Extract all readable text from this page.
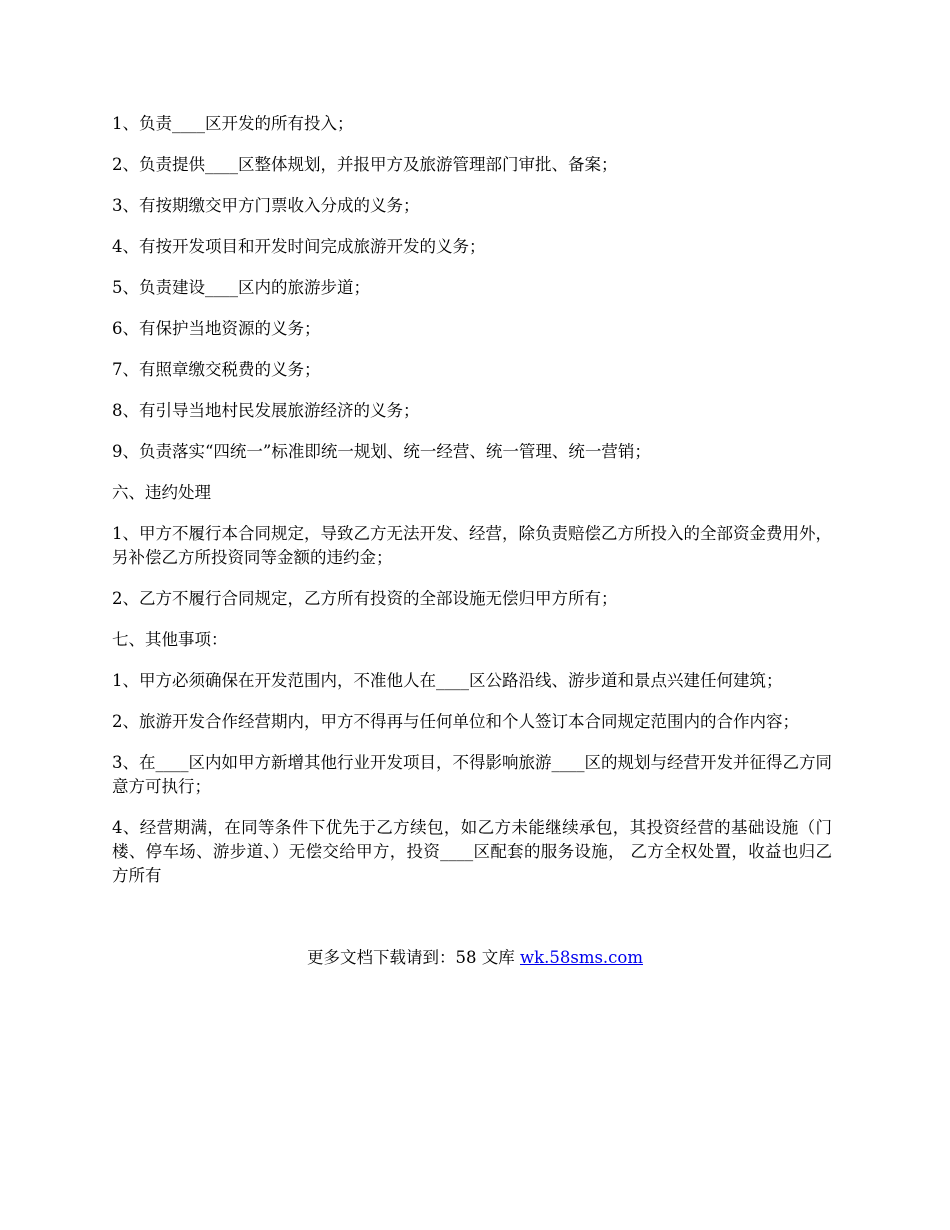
1、负责____区开发的所有投入；

2、负责提供____区整体规划，并报甲方及旅游管理部门审批、备案；

3、有按期缴交甲方门票收入分成的义务；

4、有按开发项目和开发时间完成旅游开发的义务；

5、负责建设____区内的旅游步道；

6、有保护当地资源的义务；

7、有照章缴交税费的义务；

8、有引导当地村民发展旅游经济的义务；

9、负责落实“四统一”标准即统一规划、统一经营、统一管理、统一营销；

六、违约处理

1、甲方不履行本合同规定，导致乙方无法开发、经营，除负责赔偿乙方所投入的全部资金费用外，另补偿乙方所投资同等金额的违约金；

2、乙方不履行合同规定，乙方所有投资的全部设施无偿归甲方所有；

七、其他事项：

1、甲方必须确保在开发范围内，不准他人在____区公路沿线、游步道和景点兴建任何建筑；

2、旅游开发合作经营期内，甲方不得再与任何单位和个人签订本合同规定范围内的合作内容；

3、在____区内如甲方新增其他行业开发项目，不得影响旅游____区的规划与经营开发并征得乙方同意方可执行；

4、经营期满，在同等条件下优先于乙方续包，如乙方未能继续承包，其投资经营的基础设施（门楼、停车场、游步道、）无偿交给甲方，投资____区配套的服务设施， 乙方全权处置，收益也归乙方所有

更多文档下载请到：58 文库 wk.58sms.com
